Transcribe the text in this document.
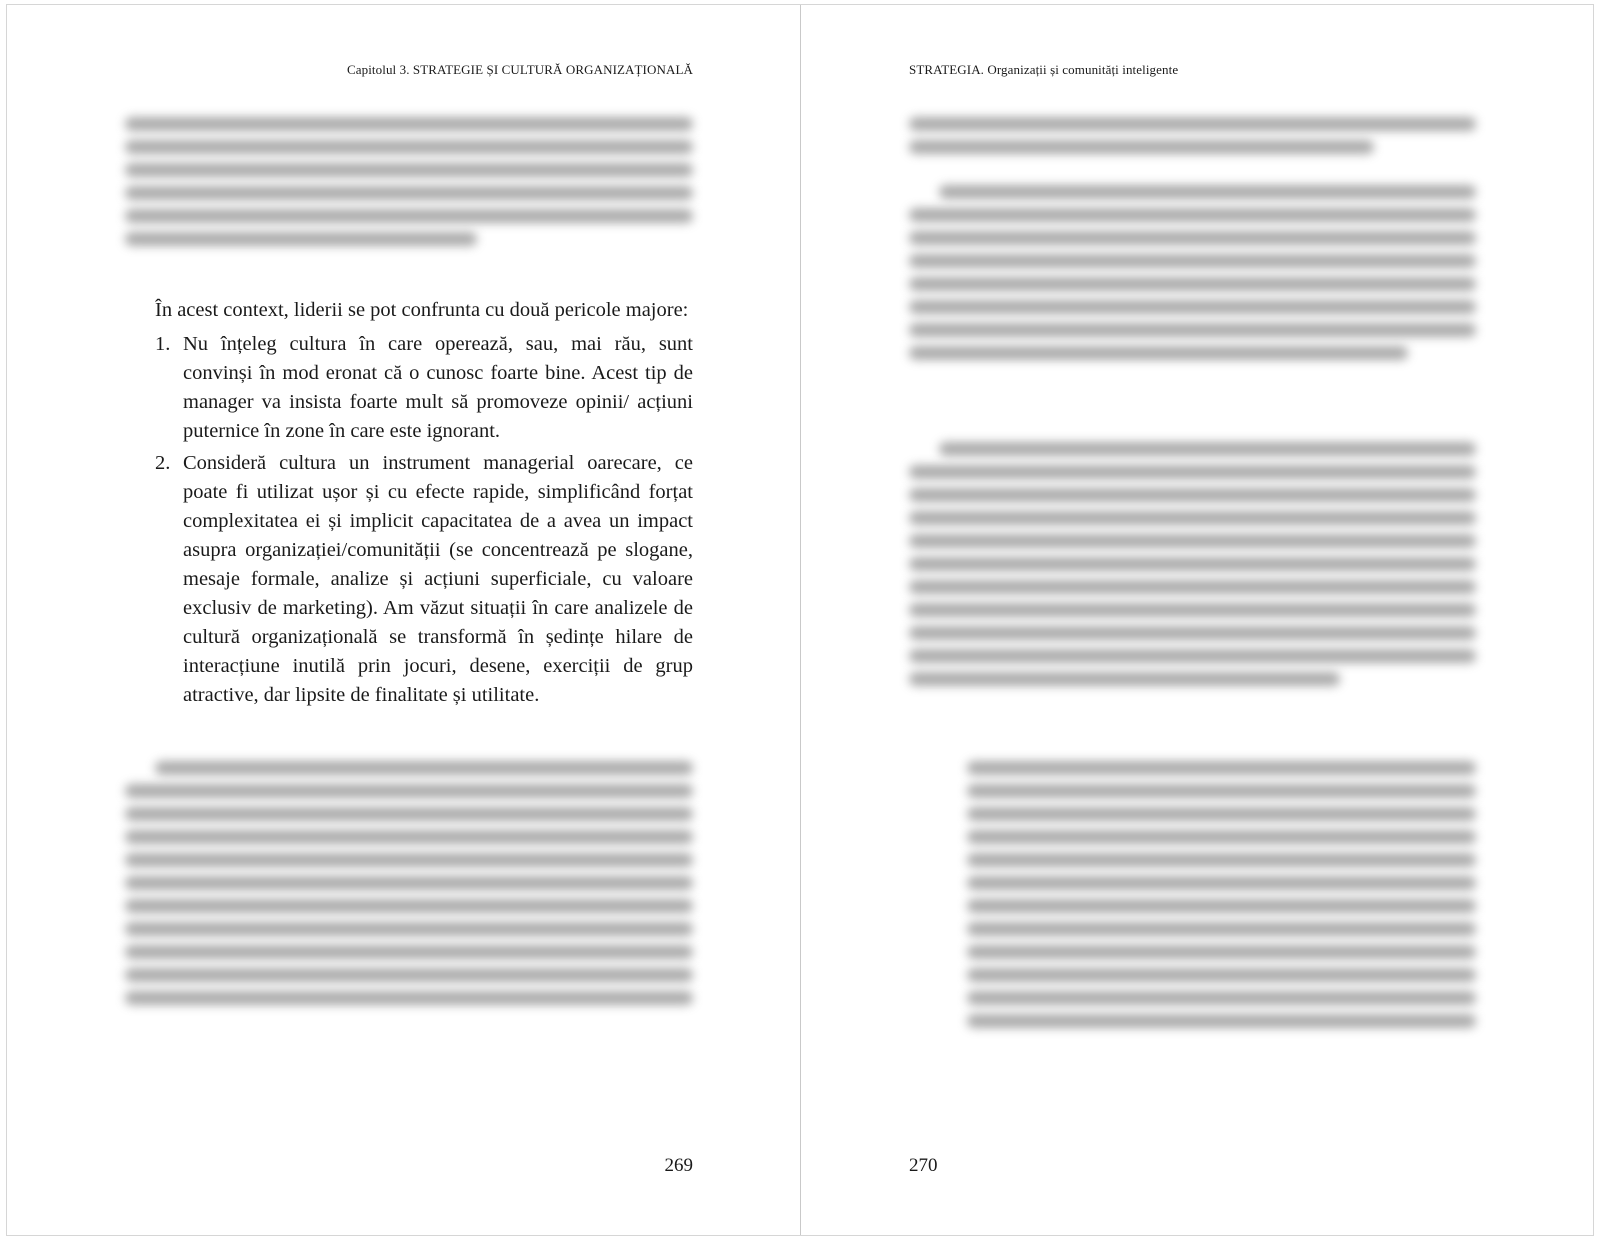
Capitolul 3. STRATEGIE ȘI CULTURĂ ORGANIZAȚIONALĂ

În acest context, liderii se pot confrunta cu două pericole majore:

1. Nu înțeleg cultura în care operează, sau, mai rău, sunt convinși în mod eronat că o cunosc foarte bine. Acest tip de manager va insista foarte mult să promoveze opinii/ acțiuni puternice în zone în care este ignorant.
2. Consideră cultura un instrument managerial oarecare, ce poate fi utilizat ușor și cu efecte rapide, simplificând forțat complexitatea ei și implicit capacitatea de a avea un impact asupra organizației/comunității (se concentrează pe slogane, mesaje formale, analize și acțiuni superficiale, cu valoare exclusiv de marketing). Am văzut situații în care analizele de cultură organizațională se transformă în ședințe hilare de interacțiune inutilă prin jocuri, desene, exerciții de grup atractive, dar lipsite de finalitate și utilitate.
269
STRATEGIA. Organizații și comunități inteligente
270
